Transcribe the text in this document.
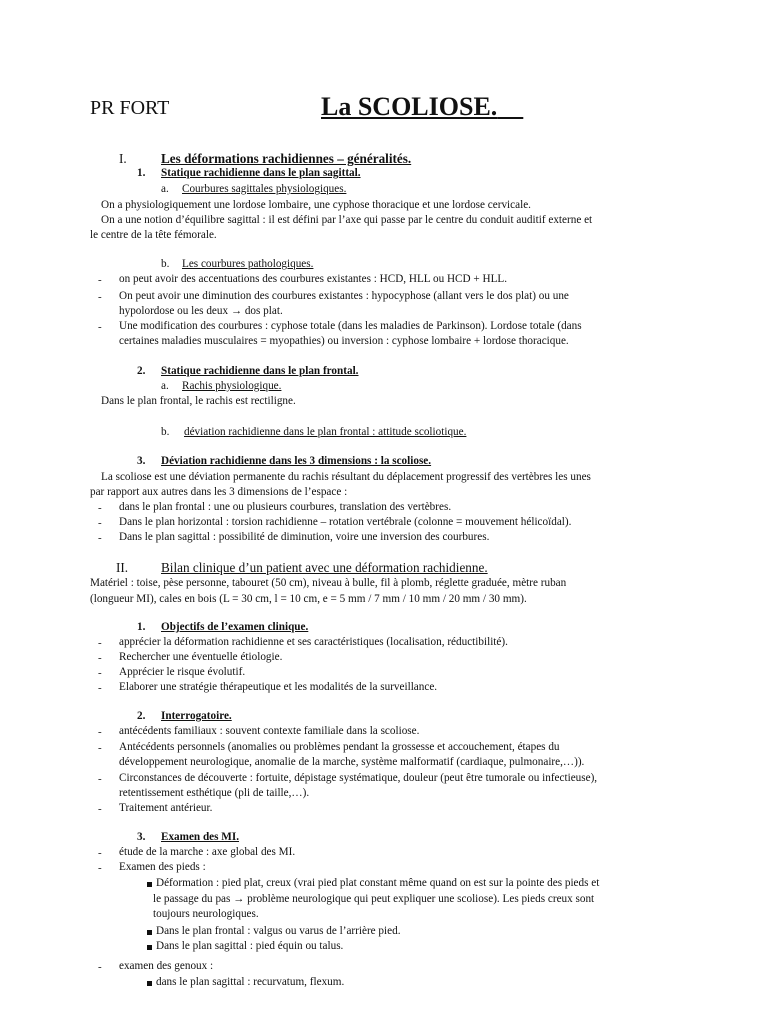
PR FORT	La SCOLIOSE.
I.	Les déformations rachidiennes – généralités.
1. Statique rachidienne dans le plan sagittal.
a. Courbures sagittales physiologiques.
On a physiologiquement une lordose lombaire, une cyphose thoracique et une lordose cervicale.
On a une notion d’équilibre sagittal : il est défini par l’axe qui passe par le centre du conduit auditif externe et
le centre de la tête fémorale.
b. Les courbures pathologiques.
- on peut avoir des accentuations des courbures existantes : HCD, HLL ou HCD + HLL.
- On peut avoir une diminution des courbures existantes : hypocyphose (allant vers le dos plat) ou une
hypolordose ou les deux → dos plat.
- Une modification des courbures : cyphose totale (dans les maladies de Parkinson). Lordose totale (dans
certaines maladies musculaires = myopathies) ou inversion : cyphose lombaire + lordose thoracique.
2. Statique rachidienne dans le plan frontal.
a. Rachis physiologique.
Dans le plan frontal, le rachis est rectiligne.
b. déviation rachidienne dans le plan frontal : attitude scoliotique.
3. Déviation rachidienne dans les 3 dimensions : la scoliose.
La scoliose est une déviation permanente du rachis résultant du déplacement progressif des vertèbres les unes
par rapport aux autres dans les 3 dimensions de l’espace :
- dans le plan frontal : une ou plusieurs courbures, translation des vertèbres.
- Dans le plan horizontal : torsion rachidienne – rotation vertébrale (colonne = mouvement hélicoïdal).
- Dans le plan sagittal : possibilité de diminution, voire une inversion des courbures.
II. Bilan clinique d’un patient avec une déformation rachidienne.
Matériel : toise, pèse personne, tabouret (50 cm), niveau à bulle, fil à plomb, réglette graduée, mètre ruban
(longueur MI), cales en bois (L = 30 cm, l = 10 cm, e = 5 mm / 7 mm / 10 mm / 20 mm / 30 mm).
1. Objectifs de l’examen clinique.
- apprécier la déformation rachidienne et ses caractéristiques (localisation, réductibilité).
- Rechercher une éventuelle étiologie.
- Apprécier le risque évolutif.
- Elaborer une stratégie thérapeutique et les modalités de la surveillance.
2. Interrogatoire.
- antécédents familiaux : souvent contexte familiale dans la scoliose.
- Antécédents personnels (anomalies ou problèmes pendant la grossesse et accouchement, étapes du
développement neurologique, anomalie de la marche, système malformatif (cardiaque, pulmonaire,…)).
- Circonstances de découverte : fortuite, dépistage systématique, douleur (peut être tumorale ou infectieuse),
retentissement esthétique (pli de taille,…).
- Traitement antérieur.
3. Examen des MI.
- étude de la marche : axe global des MI.
- Examen des pieds :
Déformation : pied plat, creux (vrai pied plat constant même quand on est sur la pointe des pieds et
le passage du pas → problème neurologique qui peut expliquer une scoliose). Les pieds creux sont
toujours neurologiques.
Dans le plan frontal : valgus ou varus de l’arrière pied.
Dans le plan sagittal : pied équin ou talus.
- examen des genoux :
dans le plan sagittal : recurvatum, flexum.
